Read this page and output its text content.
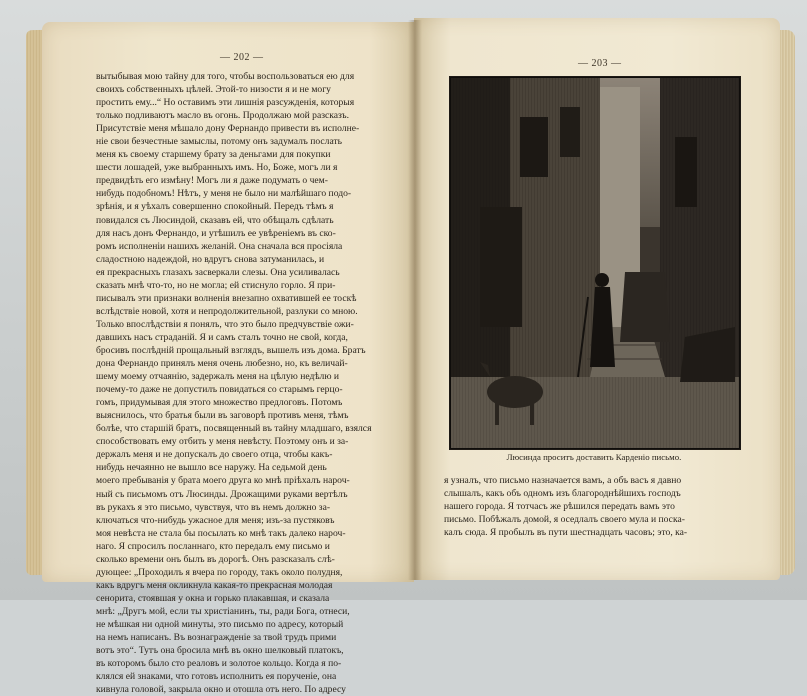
— 202 —
— 203 —
вытыбывая мою тайну для того, чтобы воспользоваться ею для
своихъ собственныхъ цѣлей. Этой-то низости я и не могу
простить ему...“ Но оставимъ эти лишнія разсужденія, которыя
только подливаютъ масло въ огонь. Продолжаю мой разсказъ.
Присутствіе меня мѣшало дону Фернандо привести въ исполне-
ніе свои безчестные замыслы, потому онъ задумалъ послать
меня къ своему старшему брату за деньгами для покупки
шести лошадей, уже выбранныхъ имъ. Но, Боже, могъ ли я
предвидѣть его измѣну! Могъ ли я даже подумать о чем-
нибудь подобномъ! Нѣтъ, у меня не было ни малѣйшаго подо-
зрѣнія, и я уѣхалъ совершенно спокойный. Передъ тѣмъ я
повидался съ Люсиндой, сказавъ ей, что обѣщалъ сдѣлать
для насъ донъ Фернандо, и утѣшилъ ее увѣреніемъ въ ско-
ромъ исполненіи нашихъ желаній. Она сначала вся просіяла
сладостною надеждой, но вдругъ снова затуманилась, и
ея прекрасныхъ глазахъ засверкали слезы. Она усиливалась
сказать мнѣ что-то, но не могла; ей стиснуло горло. Я при-
писывалъ эти признаки волненія внезапно охватившей ее тоскѣ
вслѣдствіе новой, хотя и непродолжительной, разлуки со мною.
Только впослѣдствіи я понялъ, что это было предчувствіе ожи-
давшихъ насъ страданій. Я и самъ сталъ точно не свой, когда,
бросивъ послѣдній прощальный взглядъ, вышелъ изъ дома. Братъ
дона Фернандо принялъ меня очень любезно, но, къ величай-
шему моему отчаянію, задержалъ меня на цѣлую недѣлю и
почему-то даже не допустилъ повидаться со старымъ герцо-
гомъ, придумывая для этого множество предлоговъ. Потомъ
выяснилось, что братья были въ заговорѣ противъ меня, тѣмъ
болѣе, что старшій братъ, посвященный въ тайну младшаго, взялся
способствовать ему отбить у меня невѣсту. Поэтому онъ и за-
держалъ меня и не допускалъ до своего отца, чтобы какъ-
нибудь нечаянно не вышло все наружу. На седьмой день
моего пребыванія у брата моего друга ко мнѣ пріѣхалъ нароч-
ный съ письмомъ отъ Люсинды. Дрожащими руками вертѣлъ
въ рукахъ я это письмо, чувствуя, что въ немъ должно за-
ключаться что-нибудь ужасное для меня; изъ-за пустяковъ
моя невѣста не стала бы посылать ко мнѣ такъ далеко нароч-
наго. Я спросилъ посланнаго, кто передалъ ему письмо и
сколько времени онъ былъ въ дорогѣ. Онъ разсказалъ слѣ-
дующее: „Проходилъ я вчера по городу, такъ около полудня,
какъ вдругъ меня окликнула какая-то прекрасная молодая
сенорита, стоявшая у окна и горько плакавшая, и сказала
мнѣ: „Другъ мой, если ты христіанинъ, ты, ради Бога, отнеси,
не мѣшкая ни одной минуты, это письмо по адресу, который
на немъ написанъ. Въ вознагражденіе за твой трудъ прими
вотъ это“. Тутъ она бросила мнѣ въ окно шелковый платокъ,
въ которомъ было сто реаловъ и золотое кольцо. Когда я по-
клялся ей знаками, что готовъ исполнить ея порученіе, она
кивнула головой, закрыла окно и отошла отъ него. По адресу
Люсинда проситъ доставить Карденіо письмо.
я узналъ, что письмо назначается вамъ, а объ васъ я давно
слышалъ, какъ объ одномъ изъ благороднѣйшихъ господъ
нашего города. Я тотчасъ же рѣшился передать вамъ это
письмо. Побѣжалъ домой, я оседлалъ своего мула и поска-
калъ сюда. Я пробылъ въ пути шестнадцать часовъ; это, ка-
